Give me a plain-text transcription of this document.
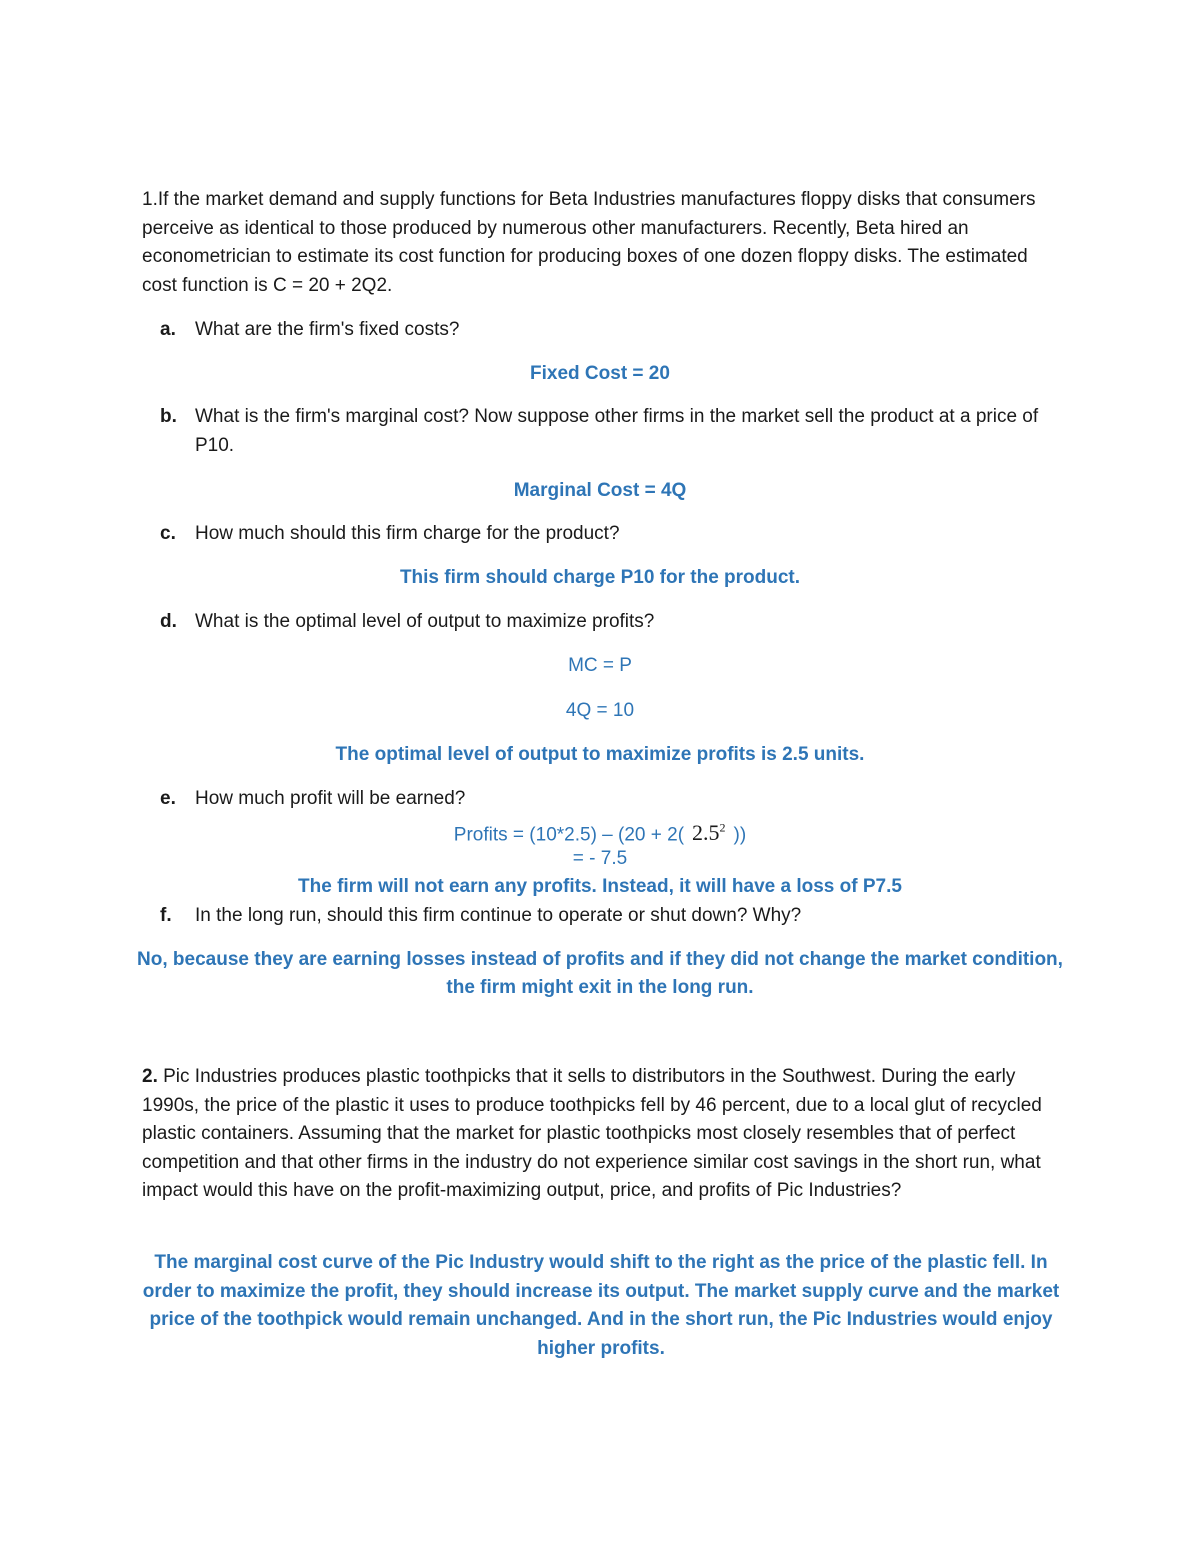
1.If the market demand and supply functions for Beta Industries manufactures floppy disks that consumers perceive as identical to those produced by numerous other manufacturers. Recently, Beta hired an econometrician to estimate its cost function for producing boxes of one dozen floppy disks. The estimated cost function is C = 20 + 2Q2.

a.	What are the firm's fixed costs?

Fixed Cost = 20

b. What is the firm's marginal cost? Now suppose other firms in the market sell the product at a price of P10.

Marginal Cost = 4Q

c.	How much should this firm charge for the product?

This firm should charge P10 for the product.

d. What is the optimal level of output to maximize profits?

MC = P

4Q = 10

The optimal level of output to maximize profits is 2.5 units.

e.	How much profit will be earned?

Profits = (10*2.5) – (20 + 2( $2.5^2$ ))

= - 7.5

The firm will not earn any profits. Instead, it will have a loss of P7.5

f.	In the long run, should this firm continue to operate or shut down? Why?

No, because they are earning losses instead of profits and if they did not change the market condition,

the firm might exit in the long run.

2. Pic Industries produces plastic toothpicks that it sells to distributors in the Southwest. During the early 1990s, the price of the plastic it uses to produce toothpicks fell by 46 percent, due to a local glut of recycled plastic containers. Assuming that the market for plastic toothpicks most closely resembles that of perfect competition and that other firms in the industry do not experience similar cost savings in the short run, what impact would this have on the profit-maximizing output, price, and profits of Pic Industries?

The marginal cost curve of the Pic Industry would shift to the right as the price of the plastic fell. In order to maximize the profit, they should increase its output. The market supply curve and the market price of the toothpick would remain unchanged. And in the short run, the Pic Industries would enjoy higher profits.
